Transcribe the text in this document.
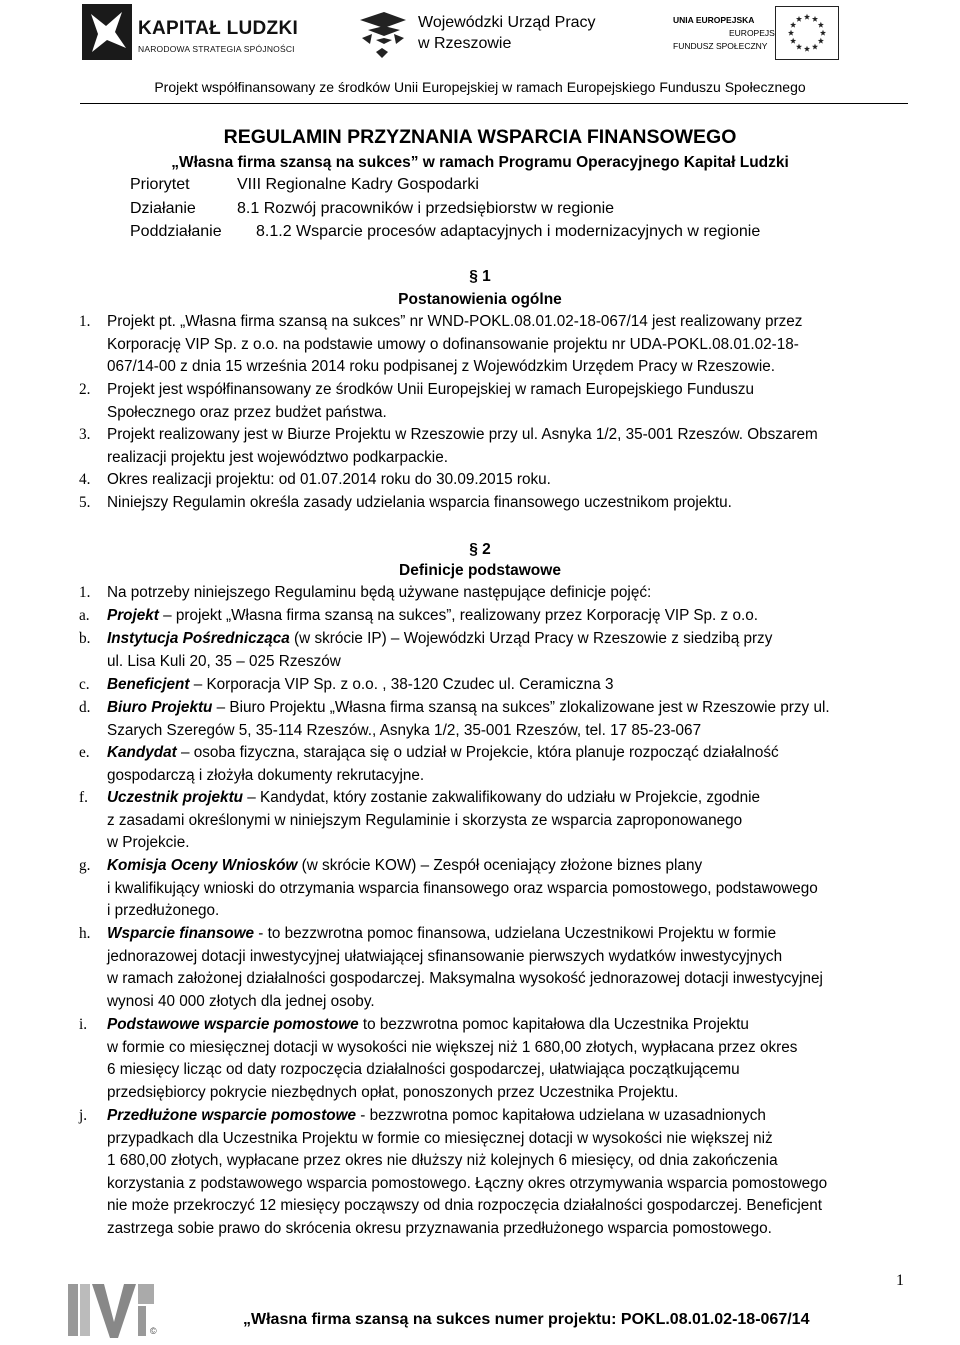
KAPITAŁ LUDZKI
NARODOWA STRATEGIA SPÓJNOŚCI
Wojewódzki Urząd Pracy
w Rzeszowie
UNIA EUROPEJSKA
EUROPEJSKI
FUNDUSZ SPOŁECZNY
Projekt współfinansowany ze środków Unii Europejskiej w ramach Europejskiego Funduszu Społecznego
REGULAMIN PRZYZNANIA WSPARCIA FINANSOWEGO
„Własna firma szansą na sukces” w ramach Programu Operacyjnego Kapitał Ludzki
Priorytet	VIII Regionalne Kadry Gospodarki
Działanie	8.1 Rozwój pracowników i przedsiębiorstw w regionie
Poddziałanie 8.1.2 Wsparcie procesów adaptacyjnych i modernizacyjnych w regionie
§ 1
Postanowienia ogólne
1. Projekt pt. „Własna firma szansą na sukces” nr WND-POKL.08.01.02-18-067/14 jest realizowany przez
Korporację VIP Sp. z o.o. na podstawie umowy o dofinansowanie projektu nr UDA-POKL.08.01.02-18-
067/14-00 z dnia 15 września 2014 roku podpisanej z Wojewódzkim Urzędem Pracy w Rzeszowie.
2. Projekt jest współfinansowany ze środków Unii Europejskiej w ramach Europejskiego Funduszu
Społecznego oraz przez budżet państwa.
3. Projekt realizowany jest w Biurze Projektu w Rzeszowie przy ul. Asnyka 1/2, 35-001 Rzeszów. Obszarem
realizacji projektu jest województwo podkarpackie.
4. Okres realizacji projektu: od 01.07.2014 roku do 30.09.2015 roku.
5. Niniejszy Regulamin określa zasady udzielania wsparcia finansowego uczestnikom projektu.
§ 2
Definicje podstawowe
1. Na potrzeby niniejszego Regulaminu będą używane następujące definicje pojęć:
a. Projekt – projekt „Własna firma szansą na sukces”, realizowany przez Korporację VIP Sp. z o.o.
b. Instytucja Pośrednicząca (w skrócie IP) – Wojewódzki Urząd Pracy w Rzeszowie z siedzibą przy
ul. Lisa Kuli 20, 35 – 025 Rzeszów
c. Beneficjent – Korporacja VIP Sp. z o.o. , 38-120 Czudec ul. Ceramiczna 3
d. Biuro Projektu – Biuro Projektu „Własna firma szansą na sukces” zlokalizowane jest w Rzeszowie przy ul.
Szarych Szeregów 5, 35-114 Rzeszów., Asnyka 1/2, 35-001 Rzeszów, tel. 17 85-23-067
e. Kandydat – osoba fizyczna, starająca się o udział w Projekcie, która planuje rozpocząć działalność
gospodarczą i złożyła dokumenty rekrutacyjne.
f. Uczestnik projektu – Kandydat, który zostanie zakwalifikowany do udziału w Projekcie, zgodnie
z zasadami określonymi w niniejszym Regulaminie i skorzysta ze wsparcia zaproponowanego
w Projekcie.
g. Komisja Oceny Wniosków (w skrócie KOW) – Zespół oceniający złożone biznes plany
i kwalifikujący wnioski do otrzymania wsparcia finansowego oraz wsparcia pomostowego, podstawowego
i przedłużonego.
h. Wsparcie finansowe - to bezzwrotna pomoc finansowa, udzielana Uczestnikowi Projektu w formie
jednorazowej dotacji inwestycyjnej ułatwiającej sfinansowanie pierwszych wydatków inwestycyjnych
w ramach założonej działalności gospodarczej. Maksymalna wysokość jednorazowej dotacji inwestycyjnej
wynosi 40 000 złotych dla jednej osoby.
i. Podstawowe wsparcie pomostowe to bezzwrotna pomoc kapitałowa dla Uczestnika Projektu
w formie co miesięcznej dotacji w wysokości nie większej niż 1 680,00 złotych, wypłacana przez okres
6 miesięcy licząc od daty rozpoczęcia działalności gospodarczej, ułatwiająca początkującemu
przedsiębiorcy pokrycie niezbędnych opłat, ponoszonych przez Uczestnika Projektu.
j. Przedłużone wsparcie pomostowe - bezzwrotna pomoc kapitałowa udzielana w uzasadnionych
przypadkach dla Uczestnika Projektu w formie co miesięcznej dotacji w wysokości nie większej niż
1 680,00 złotych, wypłacane przez okres nie dłuższy niż kolejnych 6 miesięcy, od dnia zakończenia
korzystania z podstawowego wsparcia pomostowego. Łączny okres otrzymywania wsparcia pomostowego
nie może przekroczyć 12 miesięcy począwszy od dnia rozpoczęcia działalności gospodarczej. Beneficjent
zastrzega sobie prawo do skrócenia okresu przyznawania przedłużonego wsparcia pomostowego.
1
©
„Własna firma szansą na sukces numer projektu: POKL.08.01.02-18-067/14
